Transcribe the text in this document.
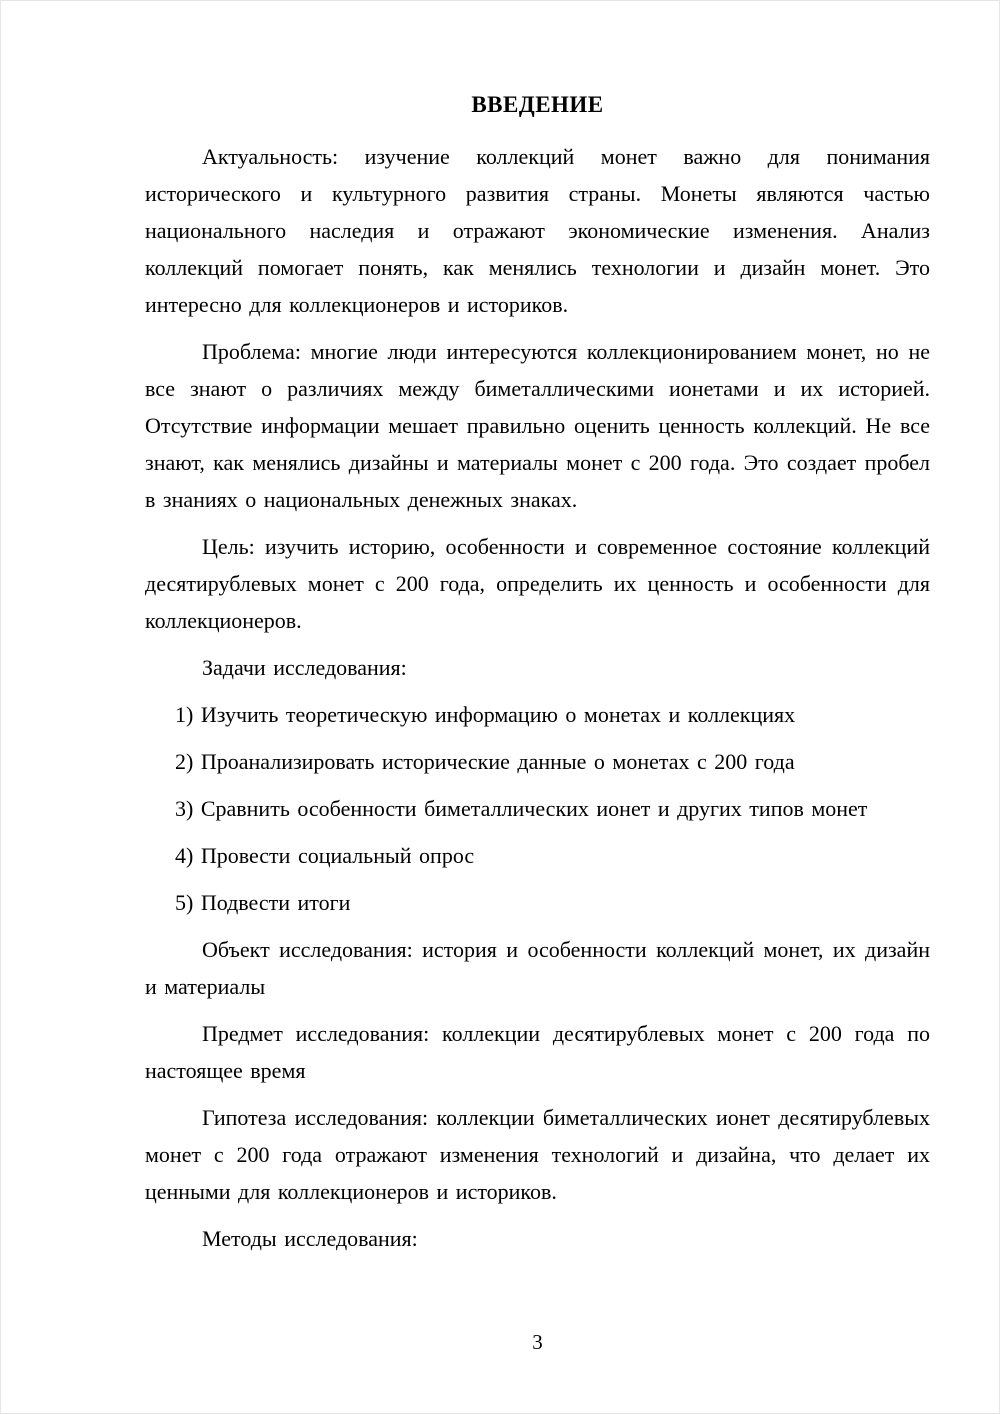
ВВЕДЕНИЕ

Актуальность: изучение коллекций монет важно для понимания исторического и культурного развития страны. Монеты являются частью национального наследия и отражают экономические изменения. Анализ коллекций помогает понять, как менялись технологии и дизайн монет. Это интересно для коллекционеров и историков.

Проблема: многие люди интересуются коллекционированием монет, но не все знают о различиях между биметаллическими ионетами и их историей. Отсутствие информации мешает правильно оценить ценность коллекций. Не все знают, как менялись дизайны и материалы монет с 200 года. Это создает пробел в знаниях о национальных денежных знаках.

Цель: изучить историю, особенности и современное состояние коллекций десятирублевых монет с 200 года, определить их ценность и особенности для коллекционеров.

Задачи исследования:

1) Изучить теоретическую информацию о монетах и коллекциях

2) Проанализировать исторические данные о монетах с 200 года

3) Сравнить особенности биметаллических ионет и других типов монет

4) Провести социальный опрос

5) Подвести итоги

Объект исследования: история и особенности коллекций монет, их дизайн и материалы

Предмет исследования: коллекции десятирублевых монет с 200 года по настоящее время

Гипотеза исследования: коллекции биметаллических ионет десятирублевых монет с 200 года отражают изменения технологий и дизайна, что делает их ценными для коллекционеров и историков.

Методы исследования:

3
